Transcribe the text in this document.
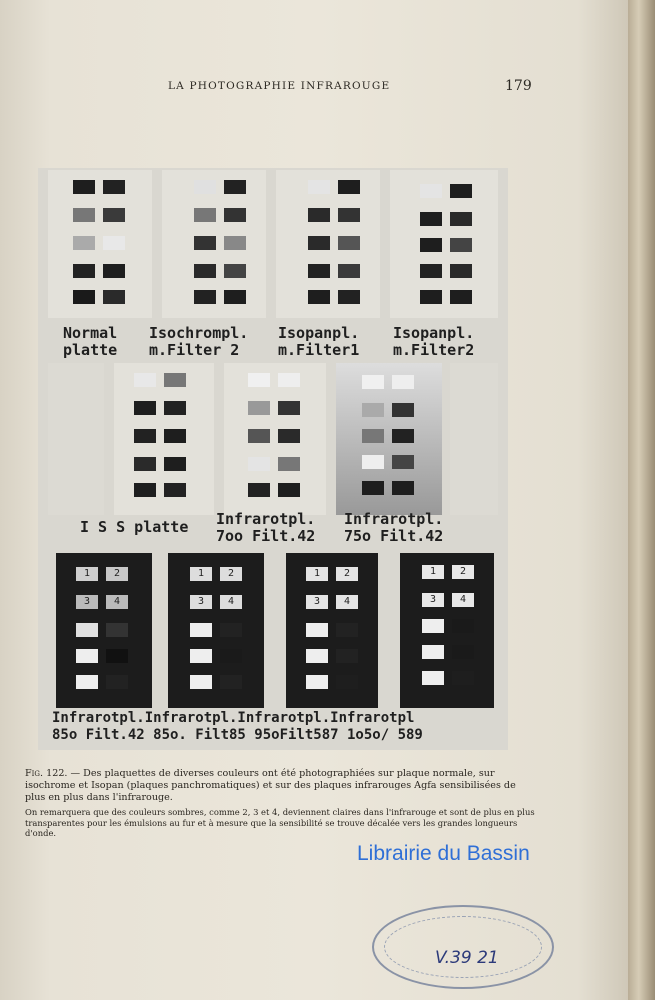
LA PHOTOGRAPHIE INFRAROUGE	179
Normal
platte
Isochrompl.
m.Filter 2
Isopanpl.
m.Filter1
Isopanpl.
m.Filter2
I S S platte Infrarotpl.
7oo Filt.42
Infrarotpl.
75o Filt.42
1	2
3	4
1	2
3	4
1	2
3	4
1	2
3	4
Infrarotpl.Infrarotpl.Infrarotpl.Infrarotpl
85o Filt.42 85o. Filt85 95oFilt587 1o5o/ 589

Fig. 122. — Des plaquettes de diverses couleurs ont été photographiées sur plaque normale, sur isochrome et Isopan (plaques panchromatiques) et sur des plaques infrarouges Agfa sensibilisées de plus en plus dans l'infrarouge.

On remarquera que des couleurs sombres, comme 2, 3 et 4, deviennent claires dans l'infrarouge et sont de plus en plus transparentes pour les émulsions au fur et à mesure que la sensibilité se trouve décalée vers les grandes longueurs d'onde.

Librairie du Bassin
V.39 21
